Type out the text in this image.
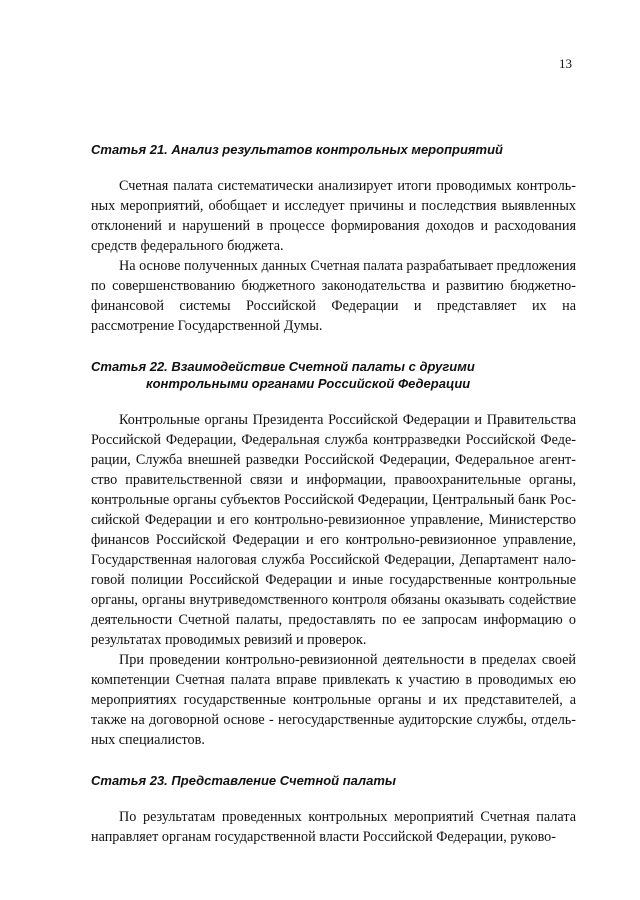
13
Статья 21. Анализ результатов контрольных мероприятий

Счетная палата систематически анализирует итоги проводимых контрольных мероприятий, обобщает и исследует причины и последствия выявленных отклонений и нарушений в процессе формирования доходов и расходования средств федерального бюджета.

На основе полученных данных Счетная палата разрабатывает предложения по совершенствованию бюджетного законодательства и развитию бюджетно-финансовой системы Российской Федерации и представляет их на рассмотрение Государственной Думы.

Статья 22. Взаимодействие Счетной палаты с другими
контрольными органами Российской Федерации

Контрольные органы Президента Российской Федерации и Правительства Российской Федерации, Федеральная служба контрразведки Российской Федерации, Служба внешней разведки Российской Федерации, Федеральное агентство правительственной связи и информации, правоохранительные органы, контрольные органы субъектов Российской Федерации, Центральный банк Российской Федерации и его контрольно-ревизионное управление, Министерство финансов Российской Федерации и его контрольно-ревизионное управление, Государственная налоговая служба Российской Федерации, Департамент налоговой полиции Российской Федерации и иные государственные контрольные органы, органы внутриведомственного контроля обязаны оказывать содействие деятельности Счетной палаты, предоставлять по ее запросам информацию о результатах проводимых ревизий и проверок.

При проведении контрольно-ревизионной деятельности в пределах своей компетенции Счетная палата вправе привлекать к участию в проводимых ею мероприятиях государственные контрольные органы и их представителей, а также на договорной основе - негосударственные аудиторские службы, отдельных специалистов.

Статья 23. Представление Счетной палаты

По результатам проведенных контрольных мероприятий Счетная палата направляет органам государственной власти Российской Федерации, руково-
